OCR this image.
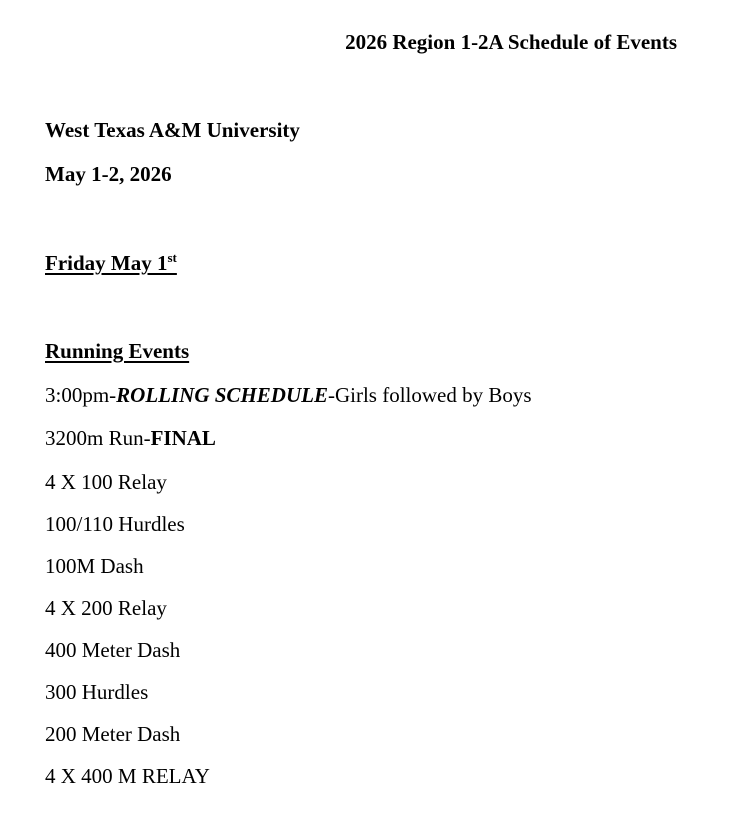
2026 Region 1-2A Schedule of Events
West Texas A&M University
May 1-2, 2026
Friday May 1st
Running Events
3:00pm-ROLLING SCHEDULE-Girls followed by Boys
3200m Run-FINAL
4 X 100 Relay
100/110 Hurdles
100M Dash
4 X 200 Relay
400 Meter Dash
300 Hurdles
200 Meter Dash
4 X 400 M RELAY
